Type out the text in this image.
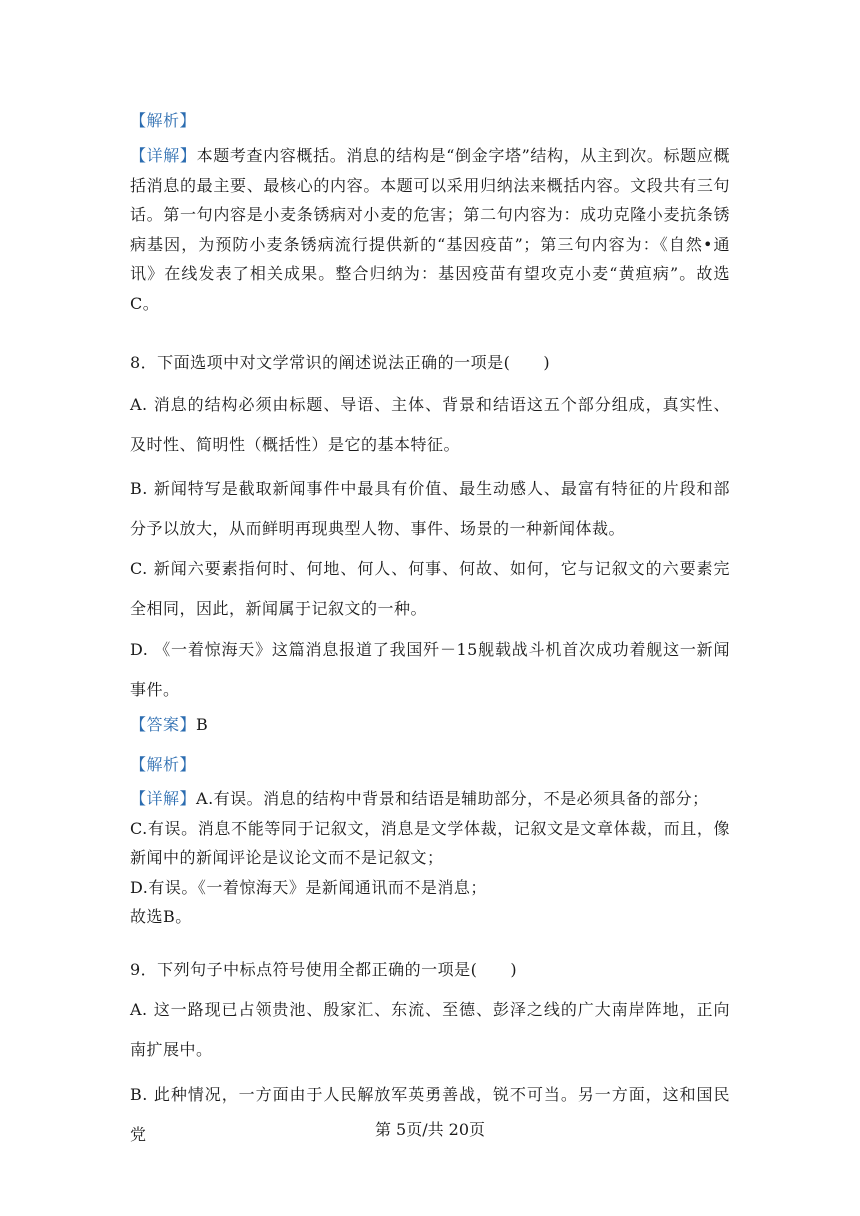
【解析】

【详解】本题考查内容概括。消息的结构是“倒金字塔”结构，从主到次。标题应概括消息的最主要、最核心的内容。本题可以采用归纳法来概括内容。文段共有三句话。第一句内容是小麦条锈病对小麦的危害；第二句内容为：成功克隆小麦抗条锈病基因，为预防小麦条锈病流行提供新的“基因疫苗”；第三句内容为：《自然•通讯》在线发表了相关成果。整合归纳为：基因疫苗有望攻克小麦“黄疸病”。故选C。

8．下面选项中对文学常识的阐述说法正确的一项是(　　)

A. 消息的结构必须由标题、导语、主体、背景和结语这五个部分组成，真实性、及时性、简明性（概括性）是它的基本特征。

B. 新闻特写是截取新闻事件中最具有价值、最生动感人、最富有特征的片段和部分予以放大，从而鲜明再现典型人物、事件、场景的一种新闻体裁。

C. 新闻六要素指何时、何地、何人、何事、何故、如何，它与记叙文的六要素完全相同，因此，新闻属于记叙文的一种。

D. 《一着惊海天》这篇消息报道了我国歼－15舰载战斗机首次成功着舰这一新闻事件。

【答案】B

【解析】

【详解】A.有误。消息的结构中背景和结语是辅助部分，不是必须具备的部分；
C.有误。消息不能等同于记叙文，消息是文学体裁，记叙文是文章体裁，而且，像新闻中的新闻评论是议论文而不是记叙文；
D.有误。《一着惊海天》是新闻通讯而不是消息；
故选B。

9．下列句子中标点符号使用全都正确的一项是(　　)

A. 这一路现已占领贵池、殷家汇、东流、至德、彭泽之线的广大南岸阵地，正向南扩展中。

B. 此种情况，一方面由于人民解放军英勇善战，锐不可当。另一方面，这和国民党	第 5页/共 20页
